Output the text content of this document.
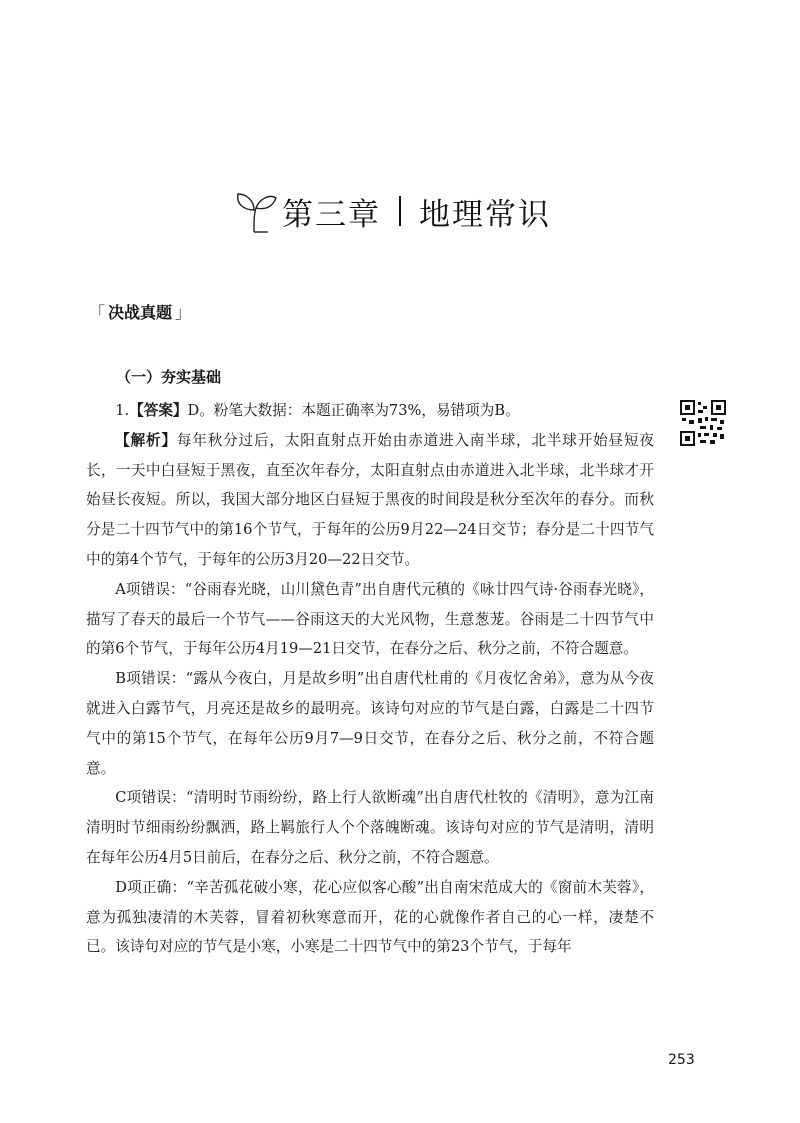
第三章 地理常识
「 决战真题 」
（一）夯实基础

1.【答案】D。粉笔大数据：本题正确率为73%，易错项为B。

【解析】每年秋分过后，太阳直射点开始由赤道进入南半球，北半球开始昼短夜长，一天中白昼短于黑夜，直至次年春分，太阳直射点由赤道进入北半球，北半球才开始昼长夜短。所以，我国大部分地区白昼短于黑夜的时间段是秋分至次年的春分。而秋分是二十四节气中的第16个节气，于每年的公历9月22—24日交节；春分是二十四节气中的第4个节气，于每年的公历3月20—22日交节。

A项错误：“谷雨春光晓，山川黛色青”出自唐代元稹的《咏廿四气诗·谷雨春光晓》，描写了春天的最后一个节气——谷雨这天的大光风物，生意葱茏。谷雨是二十四节气中的第6个节气，于每年公历4月19—21日交节，在春分之后、秋分之前，不符合题意。

B项错误：“露从今夜白，月是故乡明”出自唐代杜甫的《月夜忆舍弟》，意为从今夜就进入白露节气，月亮还是故乡的最明亮。该诗句对应的节气是白露，白露是二十四节气中的第15个节气，在每年公历9月7—9日交节，在春分之后、秋分之前，不符合题意。

C项错误：“清明时节雨纷纷，路上行人欲断魂”出自唐代杜牧的《清明》，意为江南清明时节细雨纷纷飘洒，路上羁旅行人个个落魄断魂。该诗句对应的节气是清明，清明在每年公历4月5日前后，在春分之后、秋分之前，不符合题意。

D项正确：“辛苦孤花破小寒，花心应似客心酸”出自南宋范成大的《窗前木芙蓉》，意为孤独凄清的木芙蓉，冒着初秋寒意而开，花的心就像作者自己的心一样，凄楚不已。该诗句对应的节气是小寒，小寒是二十四节气中的第23个节气，于每年

253
